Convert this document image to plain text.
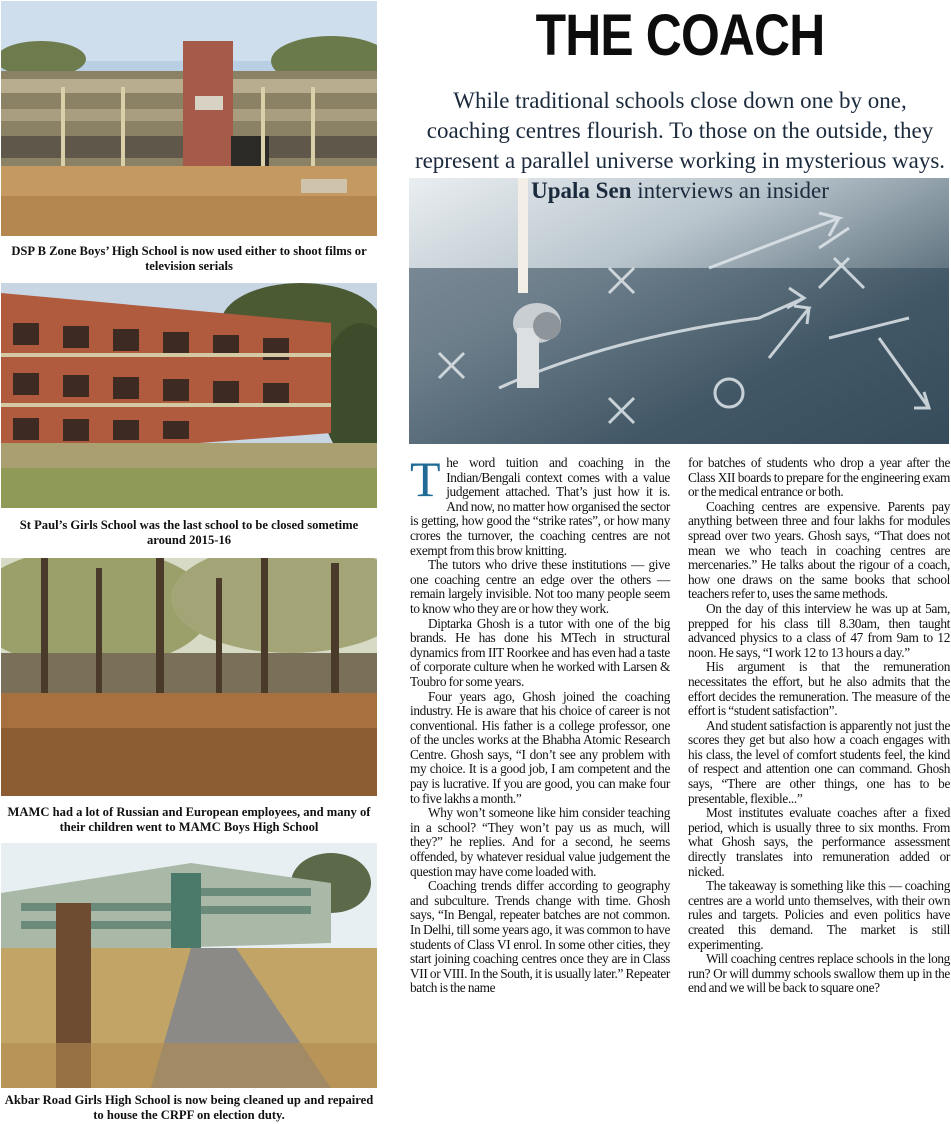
DSP B Zone Boys’ High School is now used either to shoot films or television serials
St Paul’s Girls School was the last school to be closed sometime around 2015-16
MAMC had a lot of Russian and European employees, and many of their children went to MAMC Boys High School
Akbar Road Girls High School is now being cleaned up and repaired to house the CRPF on election duty.
THE COACH
While traditional schools close down one by one, coaching centres flourish. To those on the outside, they represent a parallel universe working in mysterious ways.
Upala Sen interviews an insider
T he word tuition and coaching in the Indian/Bengali context comes with a value judgement attached. That’s just how it is. And now, no matter how organised the sector is getting, how good the “strike rates”, or how many crores the turnover, the coaching centres are not exempt from this brow knitting.

The tutors who drive these institutions — give one coaching centre an edge over the others — remain largely invisible. Not too many people seem to know who they are or how they work.

Diptarka Ghosh is a tutor with one of the big brands. He has done his MTech in structural dynamics from IIT Roorkee and has even had a taste of corporate culture when he worked with Larsen & Toubro for some years.

Four years ago, Ghosh joined the coaching industry. He is aware that his choice of career is not conventional. His father is a college professor, one of the uncles works at the Bhabha Atomic Research Centre. Ghosh says, “I don’t see any problem with my choice. It is a good job, I am competent and the pay is lucrative. If you are good, you can make four to five lakhs a month.”

Why won’t someone like him consider teaching in a school? “They won’t pay us as much, will they?” he replies. And for a second, he seems offended, by whatever residual value judgement the question may have come loaded with.

Coaching trends differ according to geography and subculture. Trends change with time. Ghosh says, “In Bengal, repeater batches are not common. In Delhi, till some years ago, it was common to have students of Class VI enrol. In some other cities, they start joining coaching centres once they are in Class VII or VIII. In the South, it is usually later.” Repeater batch is the name

for batches of students who drop a year after the Class XII boards to prepare for the engineering exam or the medical entrance or both.

Coaching centres are expensive. Parents pay anything between three and four lakhs for modules spread over two years. Ghosh says, “That does not mean we who teach in coaching centres are mercenaries.” He talks about the rigour of a coach, how one draws on the same books that school teachers refer to, uses the same methods.

On the day of this interview he was up at 5am, prepped for his class till 8.30am, then taught advanced physics to a class of 47 from 9am to 12 noon. He says, “I work 12 to 13 hours a day.”

His argument is that the remuneration necessitates the effort, but he also admits that the effort decides the remuneration. The measure of the effort is “student satisfaction”.

And student satisfaction is apparently not just the scores they get but also how a coach engages with his class, the level of comfort students feel, the kind of respect and attention one can command. Ghosh says, “There are other things, one has to be presentable, flexible...”

Most institutes evaluate coaches after a fixed period, which is usually three to six months. From what Ghosh says, the performance assessment directly translates into remuneration added or nicked.

The takeaway is something like this — coaching centres are a world unto themselves, with their own rules and targets. Policies and even politics have created this demand. The market is still experimenting.

Will coaching centres replace schools in the long run? Or will dummy schools swallow them up in the end and we will be back to square one?
